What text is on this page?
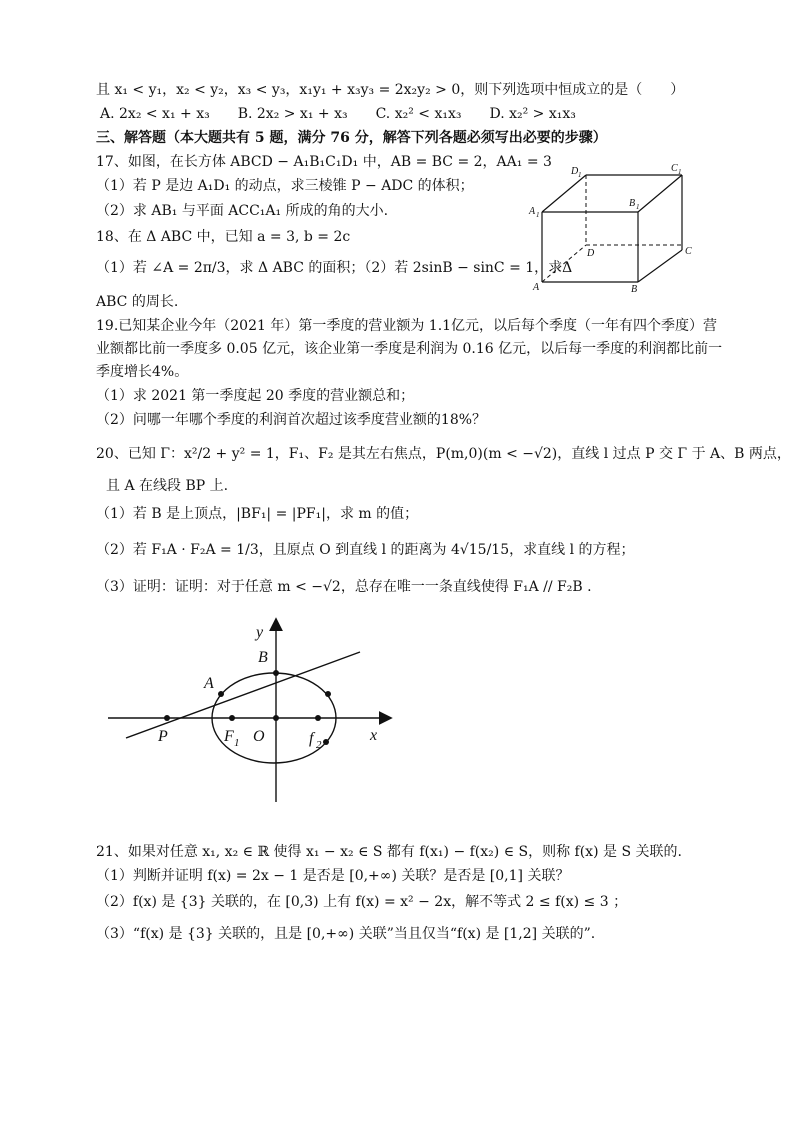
且 x₁ < y₁，x₂ < y₂，x₃ < y₃，x₁y₁ + x₃y₃ = 2x₂y₂ > 0，则下列选项中恒成立的是（　　）
A. 2x₂ < x₁ + x₃　　B. 2x₂ > x₁ + x₃　　C. x₂² < x₁x₃　　D. x₂² > x₁x₃
三、解答题（本大题共有 5 题，满分 76 分，解答下列各题必须写出必要的步骤）
17、如图，在长方体 ABCD − A₁B₁C₁D₁ 中，AB = BC = 2，AA₁ = 3
（1）若 P 是边 A₁D₁ 的动点，求三棱锥 P − ADC 的体积；
（2）求 AB₁ 与平面 ACC₁A₁ 所成的角的大小.
18、在 Δ ABC 中，已知 a = 3, b = 2c
（1）若 ∠A = 2π/3，求 Δ ABC 的面积；（2）若 2sinB − sinC = 1，求Δ
ABC 的周长.
19.已知某企业今年（2021 年）第一季度的营业额为 1.1亿元，以后每个季度（一年有四个季度）营
业额都比前一季度多 0.05 亿元，该企业第一季度是利润为 0.16 亿元，以后每一季度的利润都比前一
季度增长4%。
（1）求 2021 第一季度起 20 季度的营业额总和；
（2）问哪一年哪个季度的利润首次超过该季度营业额的18%？
20、已知 Γ：x²/2 + y² = 1，F₁、F₂ 是其左右焦点，P(m,0)(m < −√2)，直线 l 过点 P 交 Γ 于 A、B 两点，
且 A 在线段 BP 上.
（1）若 B 是上顶点，|BF₁| = |PF₁|，求 m 的值；
（2）若 F₁A · F₂A = 1/3，且原点 O 到直线 l 的距离为 4√15/15，求直线 l 的方程；
（3）证明：证明：对于任意 m < −√2，总存在唯一一条直线使得 F₁A // F₂B .
21、如果对任意 x₁, x₂ ∈ ℝ 使得 x₁ − x₂ ∈ S 都有 f(x₁) − f(x₂) ∈ S，则称 f(x) 是 S 关联的.
（1）判断并证明 f(x) = 2x − 1 是否是 [0,+∞) 关联？是否是 [0,1] 关联？
（2）f(x) 是 {3} 关联的，在 [0,3) 上有 f(x) = x² − 2x，解不等式 2 ≤ f(x) ≤ 3 ；
（3）“f(x) 是 {3} 关联的，且是 [0,+∞) 关联”当且仅当“f(x) 是 [1,2] 关联的”.
A	B
C
D
A 1
B 1
C 1
D 1
y
x
B
A
P	F 1 O	f 2
